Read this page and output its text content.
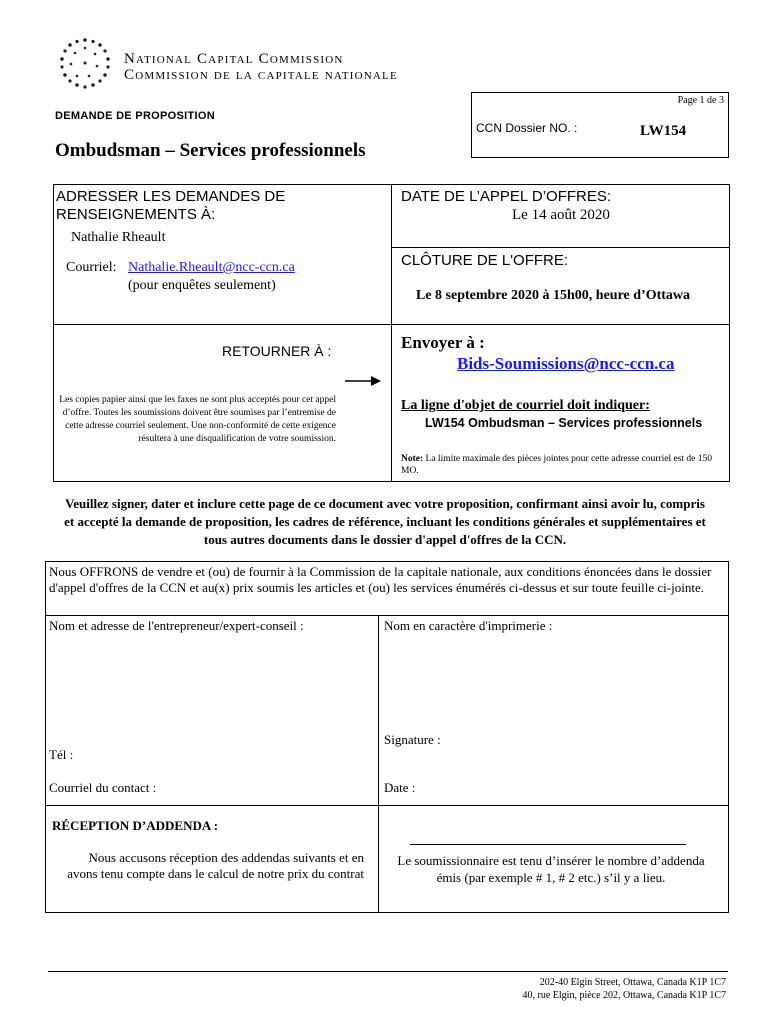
National Capital Commission
Commission de la capitale nationale
Page 1 de 3
CCN Dossier NO. :	LW154
DEMANDE DE PROPOSITION
Ombudsman – Services professionnels
ADRESSER LES DEMANDES DE
RENSEIGNEMENTS À:
Nathalie Rheault
Courriel: Nathalie.Rheault@ncc-ccn.ca
(pour enquêtes seulement)
DATE DE L’APPEL D’OFFRES:
Le 14 août 2020
CLÔTURE DE L'OFFRE:
Le 8 septembre 2020 à 15h00, heure d’Ottawa
RETOURNER À :
Les copies papier ainsi que les faxes ne sont plus acceptés pour cet appel d’offre. Toutes les soumissions doivent être soumises par l’entremise de cette adresse courriel seulement. Une non-conformité de cette exigence résultera à une disqualification de votre soumission.
Envoyer à :
Bids-Soumissions@ncc-ccn.ca
La ligne d'objet de courriel doit indiquer:
LW154 Ombudsman – Services professionnels
Note: La limite maximale des pièces jointes pour cette adresse courriel est de 150 MO.
Veuillez signer, dater et inclure cette page de ce document avec votre proposition, confirmant ainsi avoir lu, compris et accepté la demande de proposition, les cadres de référence, incluant les conditions générales et supplémentaires et tous autres documents dans le dossier d'appel d'offres de la CCN.
Nous OFFRONS de vendre et (ou) de fournir à la Commission de la capitale nationale, aux conditions énoncées dans le dossier d'appel d'offres de la CCN et au(x) prix soumis les articles et (ou) les services énumérés ci-dessus et sur toute feuille ci-jointe.
Nom et adresse de l'entrepreneur/expert-conseil :	Nom en caractère d'imprimerie :
Tél :
Signature :
Courriel du contact :	Date :
RÉCEPTION D’ADDENDA :
Nous accusons réception des addendas suivants et en avons tenu compte dans le calcul de notre prix du contrat
Le soumissionnaire est tenu d’insérer le nombre d’addenda émis (par exemple # 1, # 2 etc.) s’il y a lieu.
202-40 Elgin Street, Ottawa, Canada K1P 1C7
40, rue Elgin, pièce 202, Ottawa, Canada K1P 1C7
